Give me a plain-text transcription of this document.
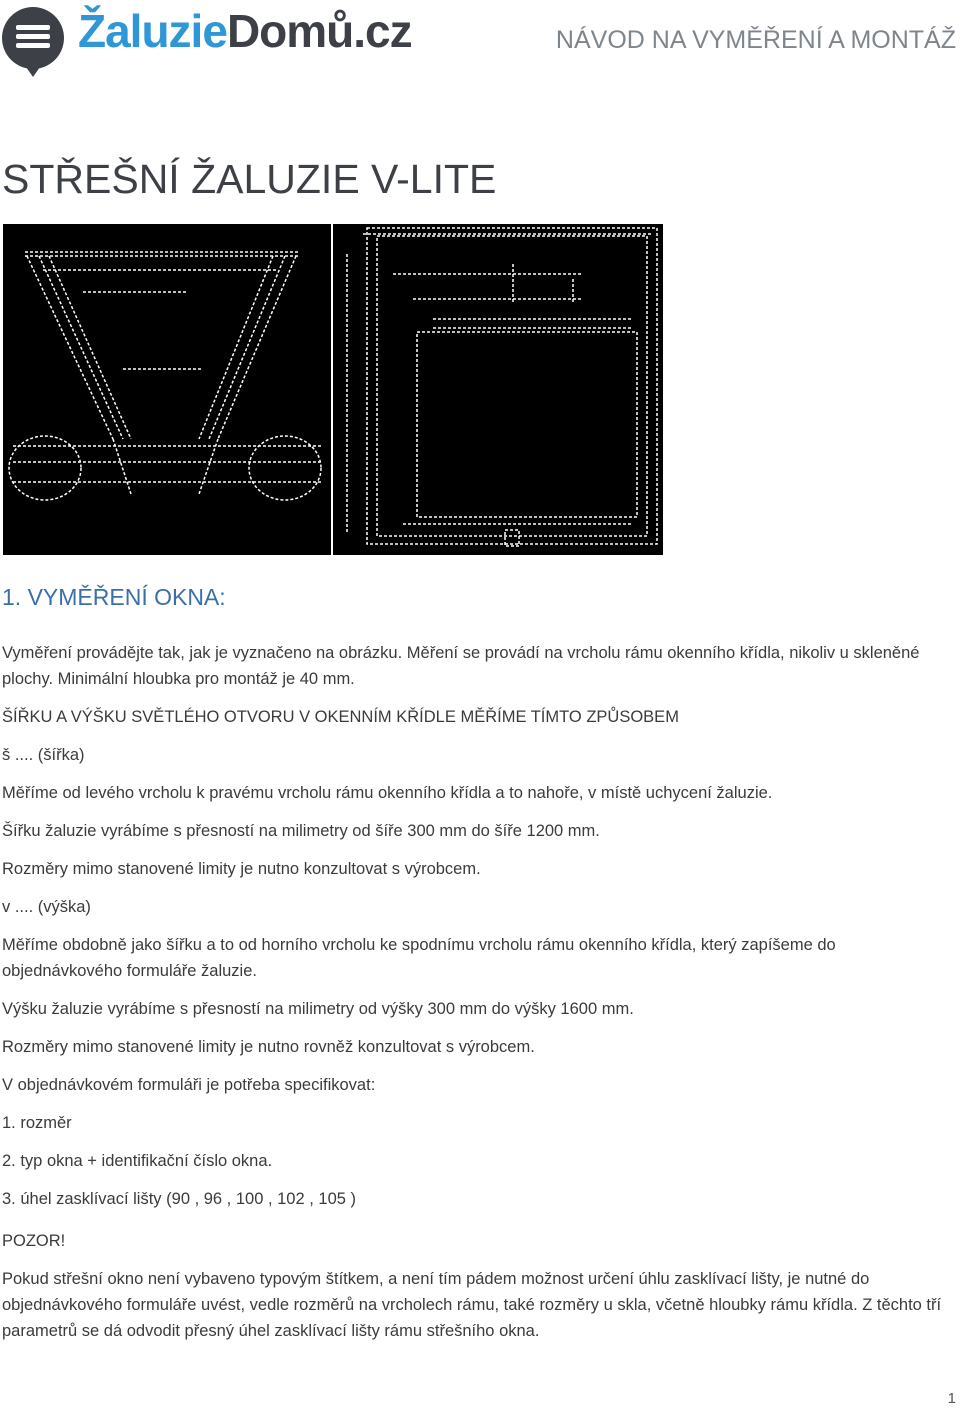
ŽaluzieDomů.cz	NÁVOD NA VYMĚŘENÍ A MONTÁŽ
STŘEŠNÍ ŽALUZIE V-LITE
1. VYMĚŘENÍ OKNA:

Vyměření provádějte tak, jak je vyznačeno na obrázku. Měření se provádí na vrcholu rámu okenního křídla, nikoliv u skleněné plochy. Minimální hloubka pro montáž je 40 mm.

ŠÍŘKU A VÝŠKU SVĚTLÉHO OTVORU V OKENNÍM KŘÍDLE MĚŘÍME TÍMTO ZPŮSOBEM

š .... (šířka)

Měříme od levého vrcholu k pravému vrcholu rámu okenního křídla a to nahoře, v místě uchycení žaluzie.

Šířku žaluzie vyrábíme s přesností na milimetry od šíře 300 mm do šíře 1200 mm.

Rozměry mimo stanovené limity je nutno konzultovat s výrobcem.

v .... (výška)

Měříme obdobně jako šířku a to od horního vrcholu ke spodnímu vrcholu rámu okenního křídla, který zapíšeme do objednávkového formuláře žaluzie.

Výšku žaluzie vyrábíme s přesností na milimetry od výšky 300 mm do výšky 1600 mm.

Rozměry mimo stanovené limity je nutno rovněž konzultovat s výrobcem.

V objednávkovém formuláři je potřeba specifikovat:

1. rozměr

2. typ okna + identifikační číslo okna.

3. úhel zasklívací lišty (90 , 96 , 100 , 102 , 105 )

POZOR!

Pokud střešní okno není vybaveno typovým štítkem, a není tím pádem možnost určení úhlu zasklívací lišty, je nutné do objednávkového formuláře uvést, vedle rozměrů na vrcholech rámu, také rozměry u skla, včetně hloubky rámu křídla. Z těchto tří parametrů se dá odvodit přesný úhel zasklívací lišty rámu střešního okna.

1
